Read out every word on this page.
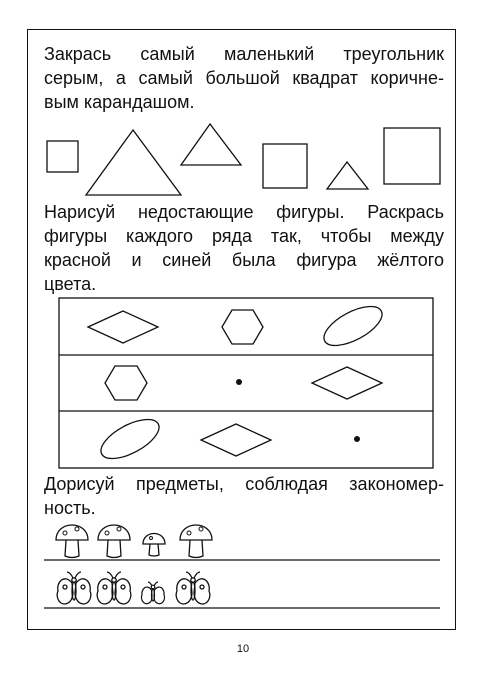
Закрась самый маленький треугольник
серым, а самый большой квадрат коричне-
вым карандашом.
Нарисуй недостающие фигуры. Раскрась
фигуры каждого ряда так, чтобы между
красной и синей была фигура жёлтого
цвета.
Дорисуй предметы, соблюдая закономер-
ность.
10
